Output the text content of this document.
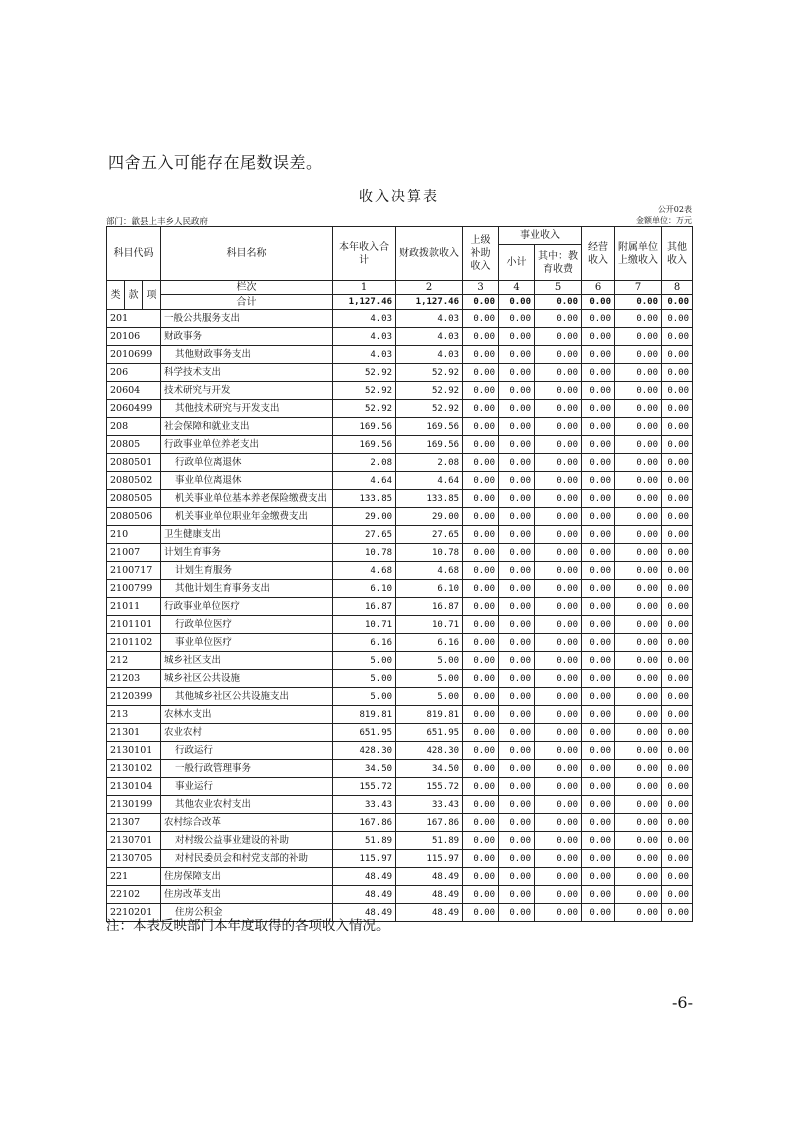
四舍五入可能存在尾数误差。
收入决算表
公开02表
部门：歙县上丰乡人民政府	金额单位：万元
科目代码			科目名称	本年收入合计	财政拨款收入	上级补助收入	事业收入		经营收入	附属单位上缴收入	其他收入
							小计	其中：教育收费			

类	款	项	栏次	1	2	3	4	5	6	7	8
			合计	1,127.46	1,127.46	0.00	0.00	0.00	0.00	0.00	0.00
201			一般公共服务支出	4.03	4.03	0.00	0.00	0.00	0.00	0.00	0.00
20106			财政事务	4.03	4.03	0.00	0.00	0.00	0.00	0.00	0.00
2010699			其他财政事务支出	4.03	4.03	0.00	0.00	0.00	0.00	0.00	0.00
206			科学技术支出	52.92	52.92	0.00	0.00	0.00	0.00	0.00	0.00
20604			技术研究与开发	52.92	52.92	0.00	0.00	0.00	0.00	0.00	0.00
2060499			其他技术研究与开发支出	52.92	52.92	0.00	0.00	0.00	0.00	0.00	0.00
208			社会保障和就业支出	169.56	169.56	0.00	0.00	0.00	0.00	0.00	0.00
20805			行政事业单位养老支出	169.56	169.56	0.00	0.00	0.00	0.00	0.00	0.00
2080501			行政单位离退休	2.08	2.08	0.00	0.00	0.00	0.00	0.00	0.00
2080502			事业单位离退休	4.64	4.64	0.00	0.00	0.00	0.00	0.00	0.00
2080505			机关事业单位基本养老保险缴费支出	133.85	133.85	0.00	0.00	0.00	0.00	0.00	0.00
2080506			机关事业单位职业年金缴费支出	29.00	29.00	0.00	0.00	0.00	0.00	0.00	0.00
210			卫生健康支出	27.65	27.65	0.00	0.00	0.00	0.00	0.00	0.00
21007			计划生育事务	10.78	10.78	0.00	0.00	0.00	0.00	0.00	0.00
2100717			计划生育服务	4.68	4.68	0.00	0.00	0.00	0.00	0.00	0.00
2100799			其他计划生育事务支出	6.10	6.10	0.00	0.00	0.00	0.00	0.00	0.00
21011			行政事业单位医疗	16.87	16.87	0.00	0.00	0.00	0.00	0.00	0.00
2101101			行政单位医疗	10.71	10.71	0.00	0.00	0.00	0.00	0.00	0.00
2101102			事业单位医疗	6.16	6.16	0.00	0.00	0.00	0.00	0.00	0.00
212			城乡社区支出	5.00	5.00	0.00	0.00	0.00	0.00	0.00	0.00
21203			城乡社区公共设施	5.00	5.00	0.00	0.00	0.00	0.00	0.00	0.00
2120399			其他城乡社区公共设施支出	5.00	5.00	0.00	0.00	0.00	0.00	0.00	0.00
213			农林水支出	819.81	819.81	0.00	0.00	0.00	0.00	0.00	0.00
21301			农业农村	651.95	651.95	0.00	0.00	0.00	0.00	0.00	0.00
2130101			行政运行	428.30	428.30	0.00	0.00	0.00	0.00	0.00	0.00
2130102			一般行政管理事务	34.50	34.50	0.00	0.00	0.00	0.00	0.00	0.00
2130104			事业运行	155.72	155.72	0.00	0.00	0.00	0.00	0.00	0.00
2130199			其他农业农村支出	33.43	33.43	0.00	0.00	0.00	0.00	0.00	0.00
21307			农村综合改革	167.86	167.86	0.00	0.00	0.00	0.00	0.00	0.00
2130701			对村级公益事业建设的补助	51.89	51.89	0.00	0.00	0.00	0.00	0.00	0.00
2130705			对村民委员会和村党支部的补助	115.97	115.97	0.00	0.00	0.00	0.00	0.00	0.00
221			住房保障支出	48.49	48.49	0.00	0.00	0.00	0.00	0.00	0.00
22102			住房改革支出	48.49	48.49	0.00	0.00	0.00	0.00	0.00	0.00
2210201			住房公积金	48.49	48.49	0.00	0.00	0.00	0.00	0.00	0.00
注：本表反映部门本年度取得的各项收入情况。
-6-
